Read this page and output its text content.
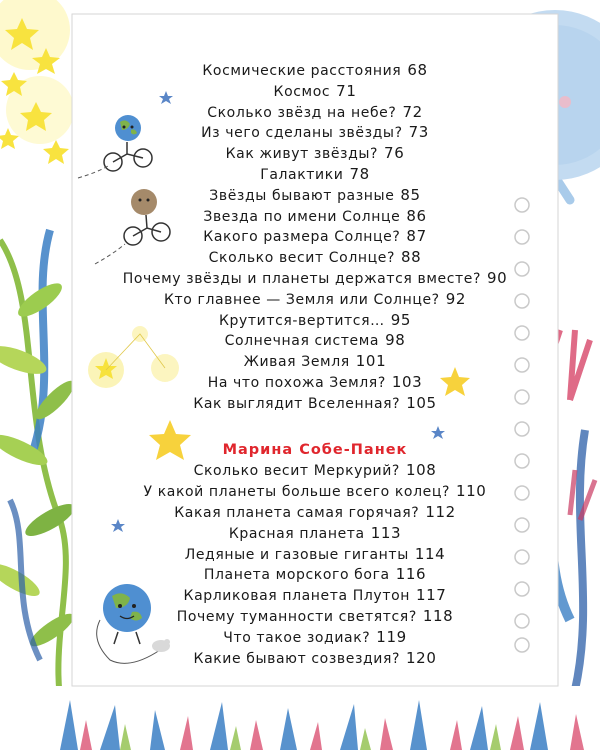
Космические расстояния 68
Космос 71
Сколько звёзд на небе? 72
Из чего сделаны звёзды? 73
Как живут звёзды? 76
Галактики 78
Звёзды бывают разные 85
Звезда по имени Солнце 86
Какого размера Солнце? 87
Сколько весит Солнце? 88
Почему звёзды и планеты держатся вместе? 90
Кто главнее — Земля или Солнце? 92
Крутится-вертится… 95
Солнечная система 98
Живая Земля 101
На что похожа Земля? 103
Как выглядит Вселенная? 105
Марина Собе-Панек
Сколько весит Меркурий? 108
У какой планеты больше всего колец? 110
Какая планета самая горячая? 112
Красная планета 113
Ледяные и газовые гиганты 114
Планета морского бога 116
Карликовая планета Плутон 117
Почему туманности светятся? 118
Что такое зодиак? 119
Какие бывают созвездия? 120
